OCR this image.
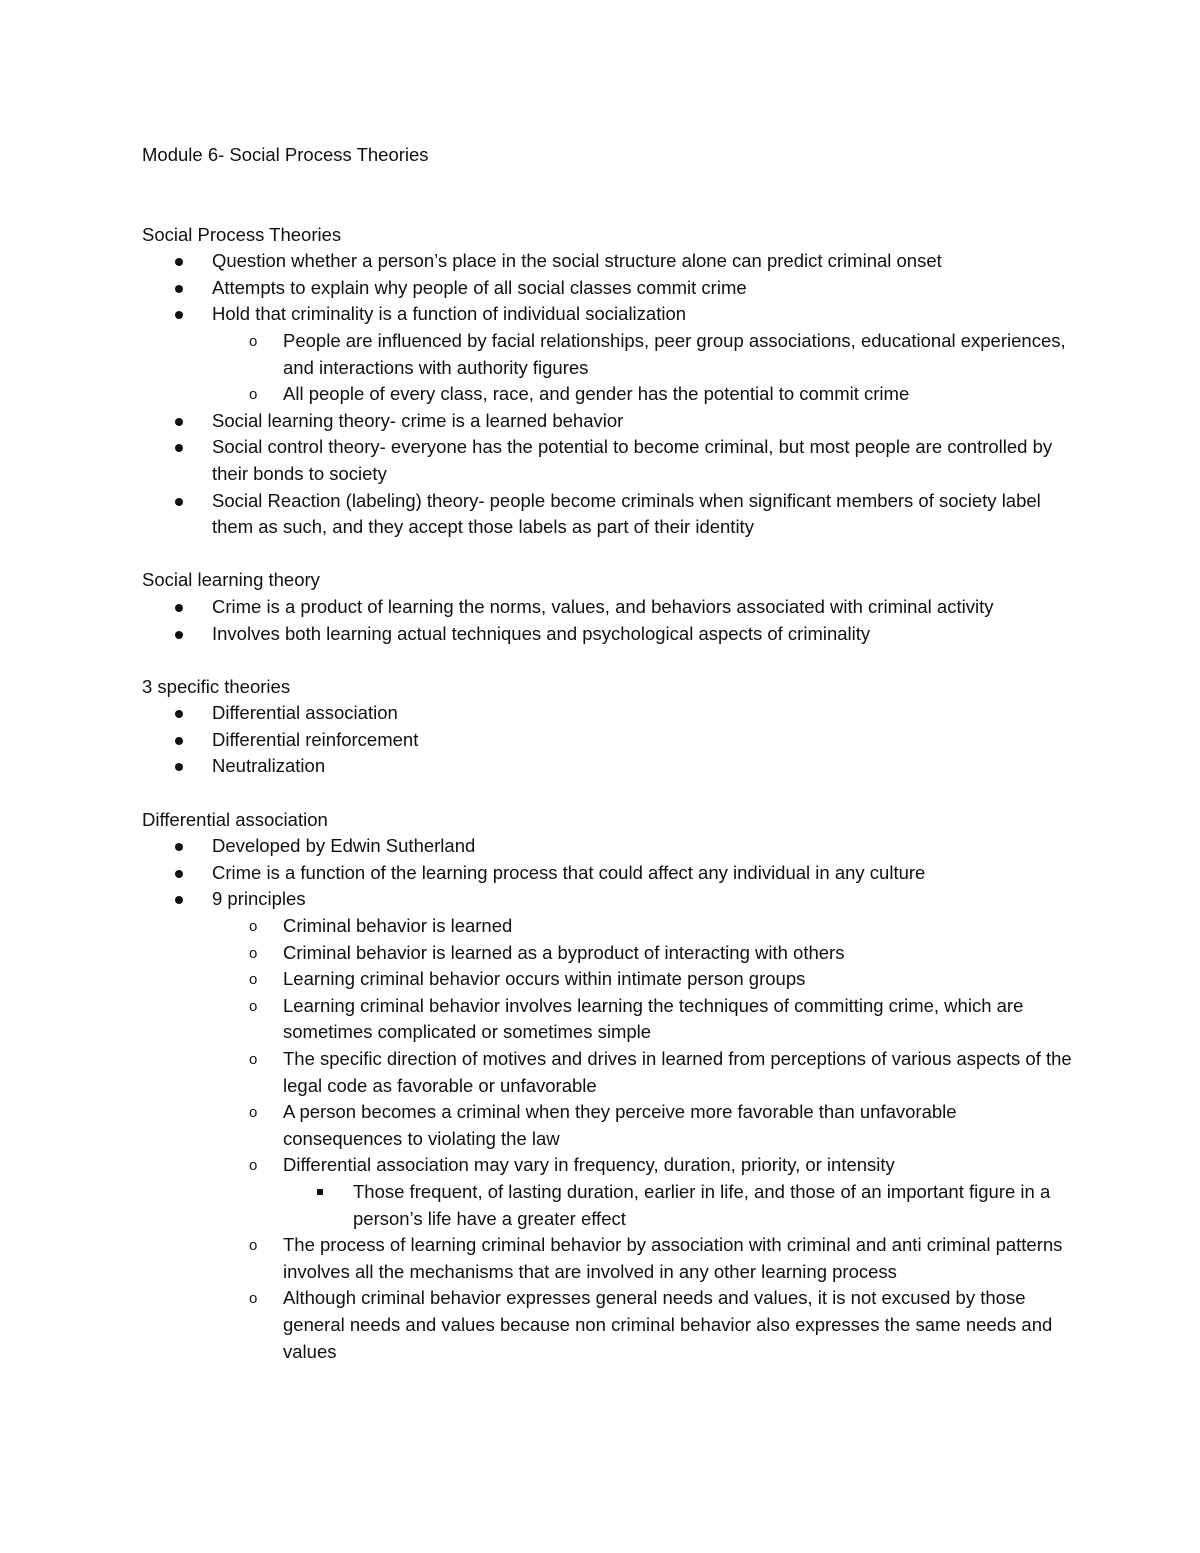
Module 6- Social Process Theories
Social Process Theories
Question whether a person’s place in the social structure alone can predict criminal onset
Attempts to explain why people of all social classes commit crime
Hold that criminality is a function of individual socialization
o People are influenced by facial relationships, peer group associations, educational experiences, and interactions with authority figures
o All people of every class, race, and gender has the potential to commit crime
Social learning theory- crime is a learned behavior
Social control theory- everyone has the potential to become criminal, but most people are controlled by their bonds to society
Social Reaction (labeling) theory- people become criminals when significant members of society label them as such, and they accept those labels as part of their identity
Social learning theory
Crime is a product of learning the norms, values, and behaviors associated with criminal activity
Involves both learning actual techniques and psychological aspects of criminality
3 specific theories
Differential association
Differential reinforcement
Neutralization
Differential association
Developed by Edwin Sutherland
Crime is a function of the learning process that could affect any individual in any culture
9 principles
o Criminal behavior is learned
o Criminal behavior is learned as a byproduct of interacting with others
o Learning criminal behavior occurs within intimate person groups
o Learning criminal behavior involves learning the techniques of committing crime, which are sometimes complicated or sometimes simple
o The specific direction of motives and drives in learned from perceptions of various aspects of the legal code as favorable or unfavorable
o A person becomes a criminal when they perceive more favorable than unfavorable consequences to violating the law
o Differential association may vary in frequency, duration, priority, or intensity
Those frequent, of lasting duration, earlier in life, and those of an important figure in a person’s life have a greater effect
o The process of learning criminal behavior by association with criminal and anti criminal patterns involves all the mechanisms that are involved in any other learning process
o Although criminal behavior expresses general needs and values, it is not excused by those general needs and values because non criminal behavior also expresses the same needs and values
